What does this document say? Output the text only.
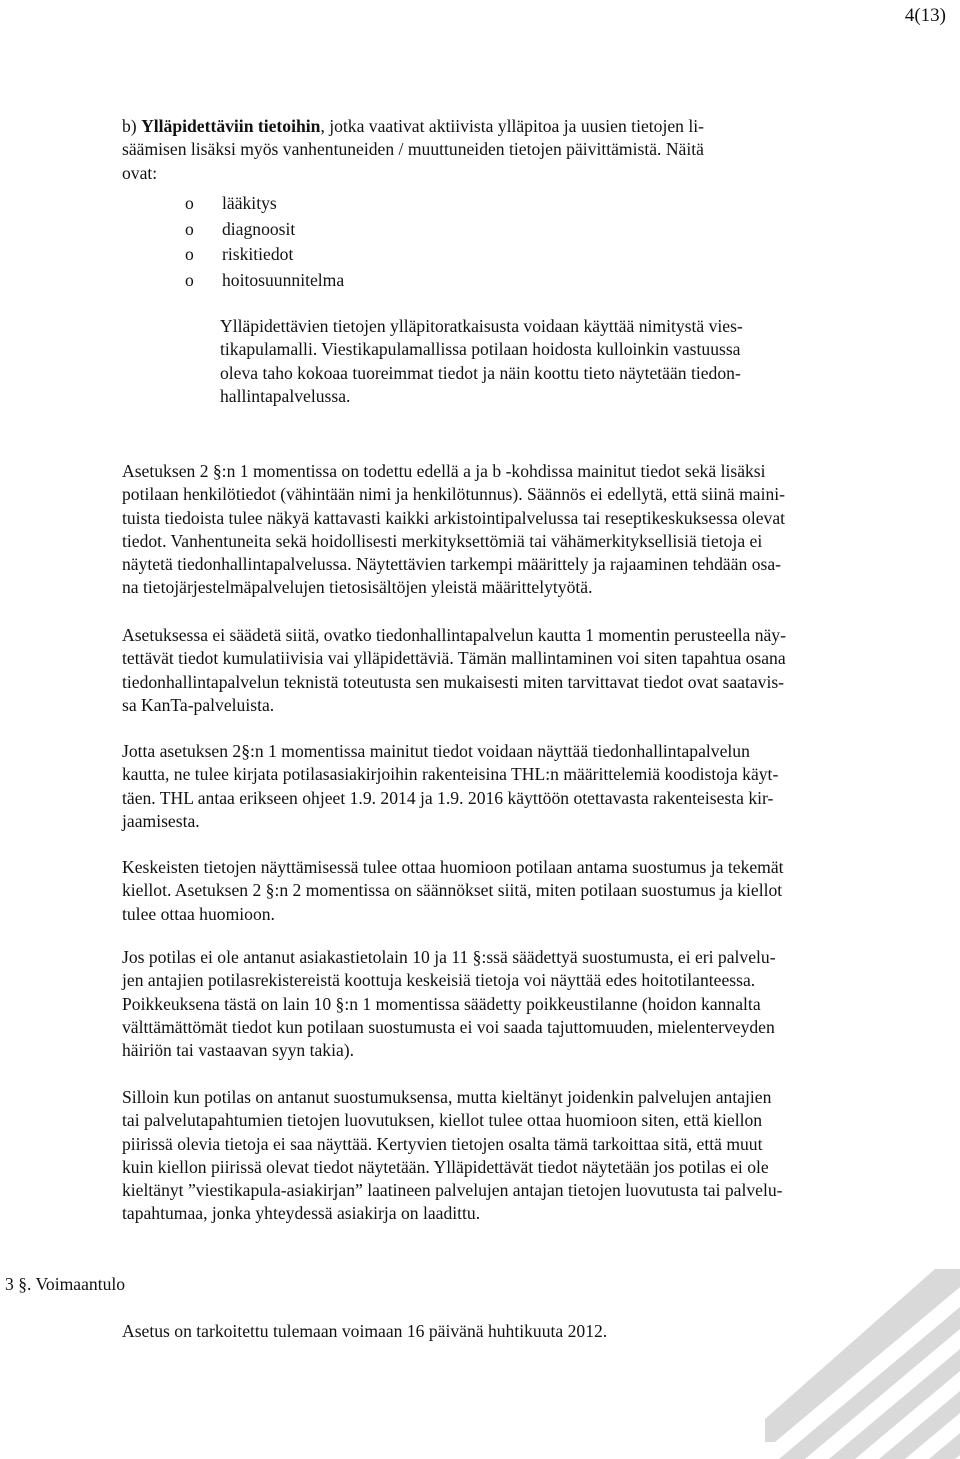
4(13)
b) Ylläpidettäviin tietoihin, jotka vaativat aktiivista ylläpitoa ja uusien tietojen li-
säämisen lisäksi myös vanhentuneiden / muuttuneiden tietojen päivittämistä. Näitä
ovat:
o lääkitys
o diagnoosit
o riskitiedot
o hoitosuunnitelma
Ylläpidettävien tietojen ylläpitoratkaisusta voidaan käyttää nimitystä vies-
tikapulamalli. Viestikapulamallissa potilaan hoidosta kulloinkin vastuussa
oleva taho kokoaa tuoreimmat tiedot ja näin koottu tieto näytetään tiedon-
hallintapalvelussa.
Asetuksen 2 §:n 1 momentissa on todettu edellä a ja b -kohdissa mainitut tiedot sekä lisäksi
potilaan henkilötiedot (vähintään nimi ja henkilötunnus). Säännös ei edellytä, että siinä maini-
tuista tiedoista tulee näkyä kattavasti kaikki arkistointipalvelussa tai reseptikeskuksessa olevat
tiedot. Vanhentuneita sekä hoidollisesti merkityksettömiä tai vähämerkityksellisiä tietoja ei
näytetä tiedonhallintapalvelussa. Näytettävien tarkempi määrittely ja rajaaminen tehdään osa-
na tietojärjestelmäpalvelujen tietosisältöjen yleistä määrittelytyötä.
Asetuksessa ei säädetä siitä, ovatko tiedonhallintapalvelun kautta 1 momentin perusteella näy-
tettävät tiedot kumulatiivisia vai ylläpidettäviä. Tämän mallintaminen voi siten tapahtua osana
tiedonhallintapalvelun teknistä toteutusta sen mukaisesti miten tarvittavat tiedot ovat saatavis-
sa KanTa-palveluista.
Jotta asetuksen 2§:n 1 momentissa mainitut tiedot voidaan näyttää tiedonhallintapalvelun
kautta, ne tulee kirjata potilasasiakirjoihin rakenteisina THL:n määrittelemiä koodistoja käyt-
täen. THL antaa erikseen ohjeet 1.9. 2014 ja 1.9. 2016 käyttöön otettavasta rakenteisesta kir-
jaamisesta.
Keskeisten tietojen näyttämisessä tulee ottaa huomioon potilaan antama suostumus ja tekemät
kiellot. Asetuksen 2 §:n 2 momentissa on säännökset siitä, miten potilaan suostumus ja kiellot
tulee ottaa huomioon.
Jos potilas ei ole antanut asiakastietolain 10 ja 11 §:ssä säädettyä suostumusta, ei eri palvelu-
jen antajien potilasrekistereistä koottuja keskeisiä tietoja voi näyttää edes hoitotilanteessa.
Poikkeuksena tästä on lain 10 §:n 1 momentissa säädetty poikkeustilanne (hoidon kannalta
välttämättömät tiedot kun potilaan suostumusta ei voi saada tajuttomuuden, mielenterveyden
häiriön tai vastaavan syyn takia).
Silloin kun potilas on antanut suostumuksensa, mutta kieltänyt joidenkin palvelujen antajien
tai palvelutapahtumien tietojen luovutuksen, kiellot tulee ottaa huomioon siten, että kiellon
piirissä olevia tietoja ei saa näyttää. Kertyvien tietojen osalta tämä tarkoittaa sitä, että muut
kuin kiellon piirissä olevat tiedot näytetään. Ylläpidettävät tiedot näytetään jos potilas ei ole
kieltänyt ”viestikapula-asiakirjan” laatineen palvelujen antajan tietojen luovutusta tai palvelu-
tapahtumaa, jonka yhteydessä asiakirja on laadittu.
3 §. Voimaantulo
Asetus on tarkoitettu tulemaan voimaan 16 päivänä huhtikuuta 2012.
